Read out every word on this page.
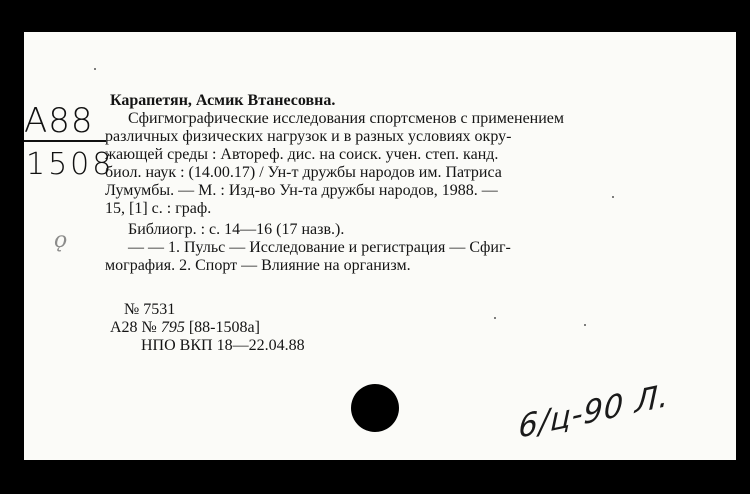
A88
1508
ǫ
Карапетян, Асмик Втанесовна.
Сфигмографические исследования спортсменов с применением
различных физических нагрузок и в разных условиях окру-
жающей среды : Автореф. дис. на соиск. учен. степ. канд.
биол. наук : (14.00.17) / Ун-т дружбы народов им. Патриса
Лумумбы. — М. : Изд-во Ун-та дружбы народов, 1988. —
15, [1] с. : граф.
Библиогр. : с. 14—16 (17 назв.).
— — 1. Пульс — Исследование и регистрация — Сфиг-
мография. 2. Спорт — Влияние на организм.
№ 7531
А28 № 795 [88-1508а]
НПО ВКП 18—22.04.88
6/ц-90 Л.
